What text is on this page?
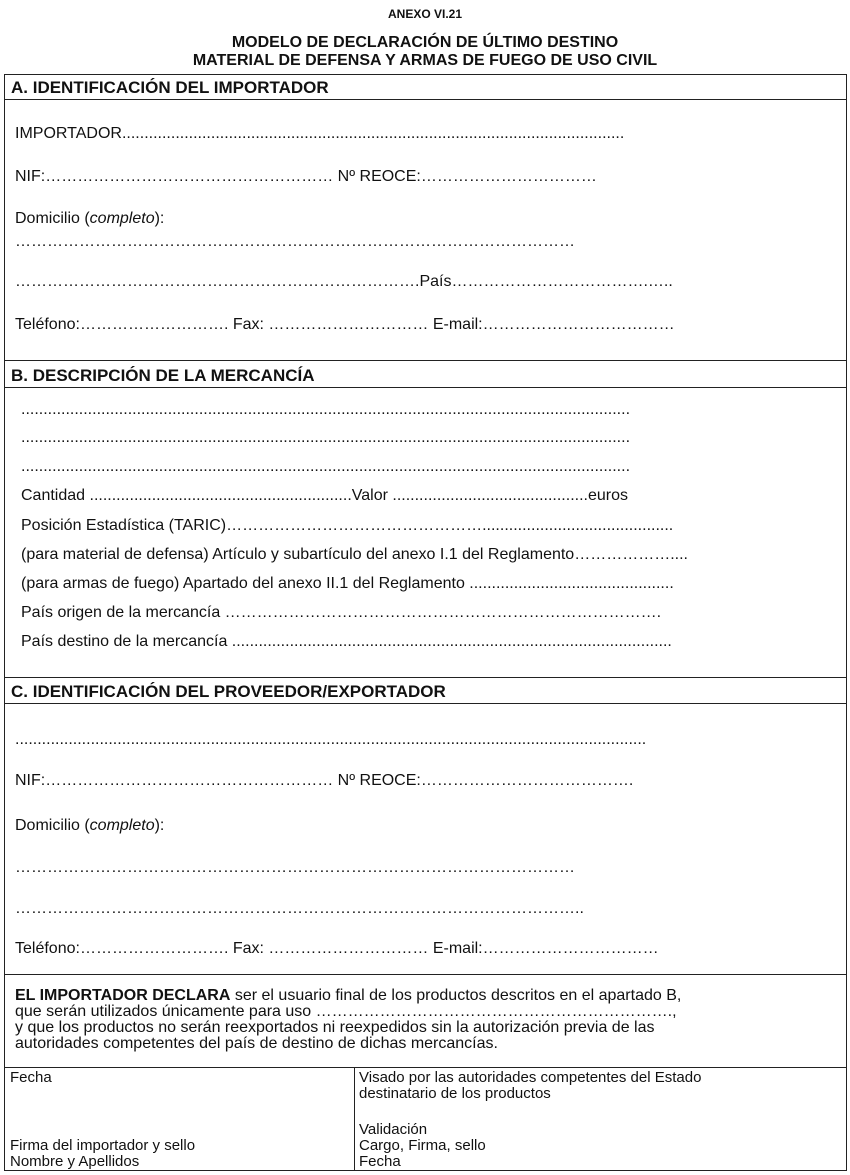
ANEXO VI.21
MODELO DE DECLARACIÓN DE ÚLTIMO DESTINO
MATERIAL DE DEFENSA Y ARMAS DE FUEGO DE USO CIVIL
A. IDENTIFICACIÓN DEL IMPORTADOR
IMPORTADOR.................................................................................................................
NIF:……………………………………………… Nº REOCE:……………………………
Domicilio (completo):
……………………………………………………………………………………………
………………………………………………………………….País……………………………….…..
Teléfono:………………………. Fax: ………………………… E-mail:………………………………
B. DESCRIPCIÓN DE LA MERCANCÍA
.........................................................................................................................................
.........................................................................................................................................
.........................................................................................................................................
Cantidad ...........................................................Valor ............................................euros
Posición Estadística (TARIC)…………………………………………...........................................
(para material de defensa) Artículo y subartículo del anexo I.1 del Reglamento………………....
(para armas de fuego) Apartado del anexo II.1 del Reglamento ..............................................
País origen de la mercancía ……………………………………………………………………….
País destino de la mercancía ...................................................................................................
C. IDENTIFICACIÓN DEL PROVEEDOR/EXPORTADOR
..............................................................................................................................................
NIF:……………………………………………… Nº REOCE:………………………………….
Domicilio (completo):
……………………………………………………………………………………………
……………………………………………………………………………………………..
Teléfono:………………………. Fax: ………………………… E-mail:……………………………
EL IMPORTADOR DECLARA ser el usuario final de los productos descritos en el apartado B,
que serán utilizados únicamente para uso ………………………………………………………….,
y que los productos no serán reexportados ni reexpedidos sin la autorización previa de las
autoridades competentes del país de destino de dichas mercancías.
Fecha
Firma del importador y sello
Nombre y Apellidos
Visado por las autoridades competentes del Estado
destinatario de los productos
Validación
Cargo, Firma, sello
Fecha
